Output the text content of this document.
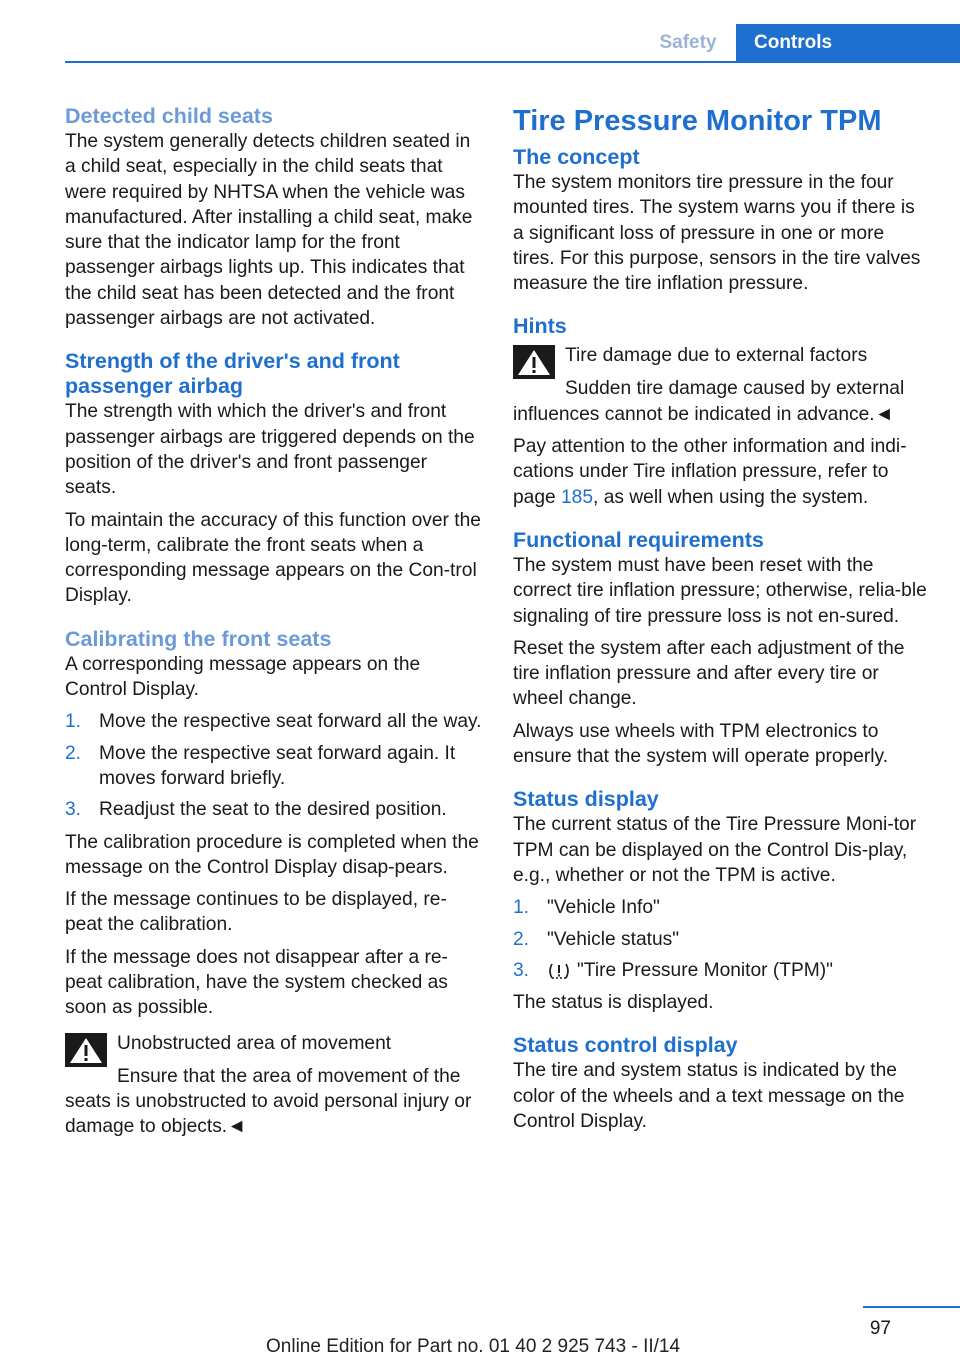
Safety	Controls
Detected child seats

The system generally detects children seated in a child seat, especially in the child seats that were required by NHTSA when the vehicle was manufactured. After installing a child seat, make sure that the indicator lamp for the front passenger airbags lights up. This indicates that the child seat has been detected and the front passenger airbags are not activated.

Strength of the driver's and front passenger airbag

The strength with which the driver's and front passenger airbags are triggered depends on the position of the driver's and front passenger seats.

To maintain the accuracy of this function over the long-term, calibrate the front seats when a corresponding message appears on the Con-trol Display.

Calibrating the front seats

A corresponding message appears on the Control Display.

1. Move the respective seat forward all the way.
2. Move the respective seat forward again. It moves forward briefly.
3. Readjust the seat to the desired position.

The calibration procedure is completed when the message on the Control Display disap-pears.

If the message continues to be displayed, re-peat the calibration.

If the message does not disappear after a re-peat calibration, have the system checked as soon as possible.

Unobstructed area of movement

Ensure that the area of movement of the seats is unobstructed to avoid personal injury or damage to objects.◄

Tire Pressure Monitor TPM
The concept

The system monitors tire pressure in the four mounted tires. The system warns you if there is a significant loss of pressure in one or more tires. For this purpose, sensors in the tire valves measure the tire inflation pressure.

Hints

Tire damage due to external factors

Sudden tire damage caused by external influences cannot be indicated in advance.◄

Pay attention to the other information and indi-cations under Tire inflation pressure, refer to page 185, as well when using the system.

Functional requirements

The system must have been reset with the correct tire inflation pressure; otherwise, relia-ble signaling of tire pressure loss is not en-sured.

Reset the system after each adjustment of the tire inflation pressure and after every tire or wheel change.

Always use wheels with TPM electronics to ensure that the system will operate properly.

Status display

The current status of the Tire Pressure Moni-tor TPM can be displayed on the Control Dis-play, e.g., whether or not the TPM is active.

1. "Vehicle Info"
2. "Vehicle status"
3.	"Tire Pressure Monitor (TPM)"

The status is displayed.

Status control display

The tire and system status is indicated by the color of the wheels and a text message on the Control Display.

97
Online Edition for Part no. 01 40 2 925 743 - II/14
